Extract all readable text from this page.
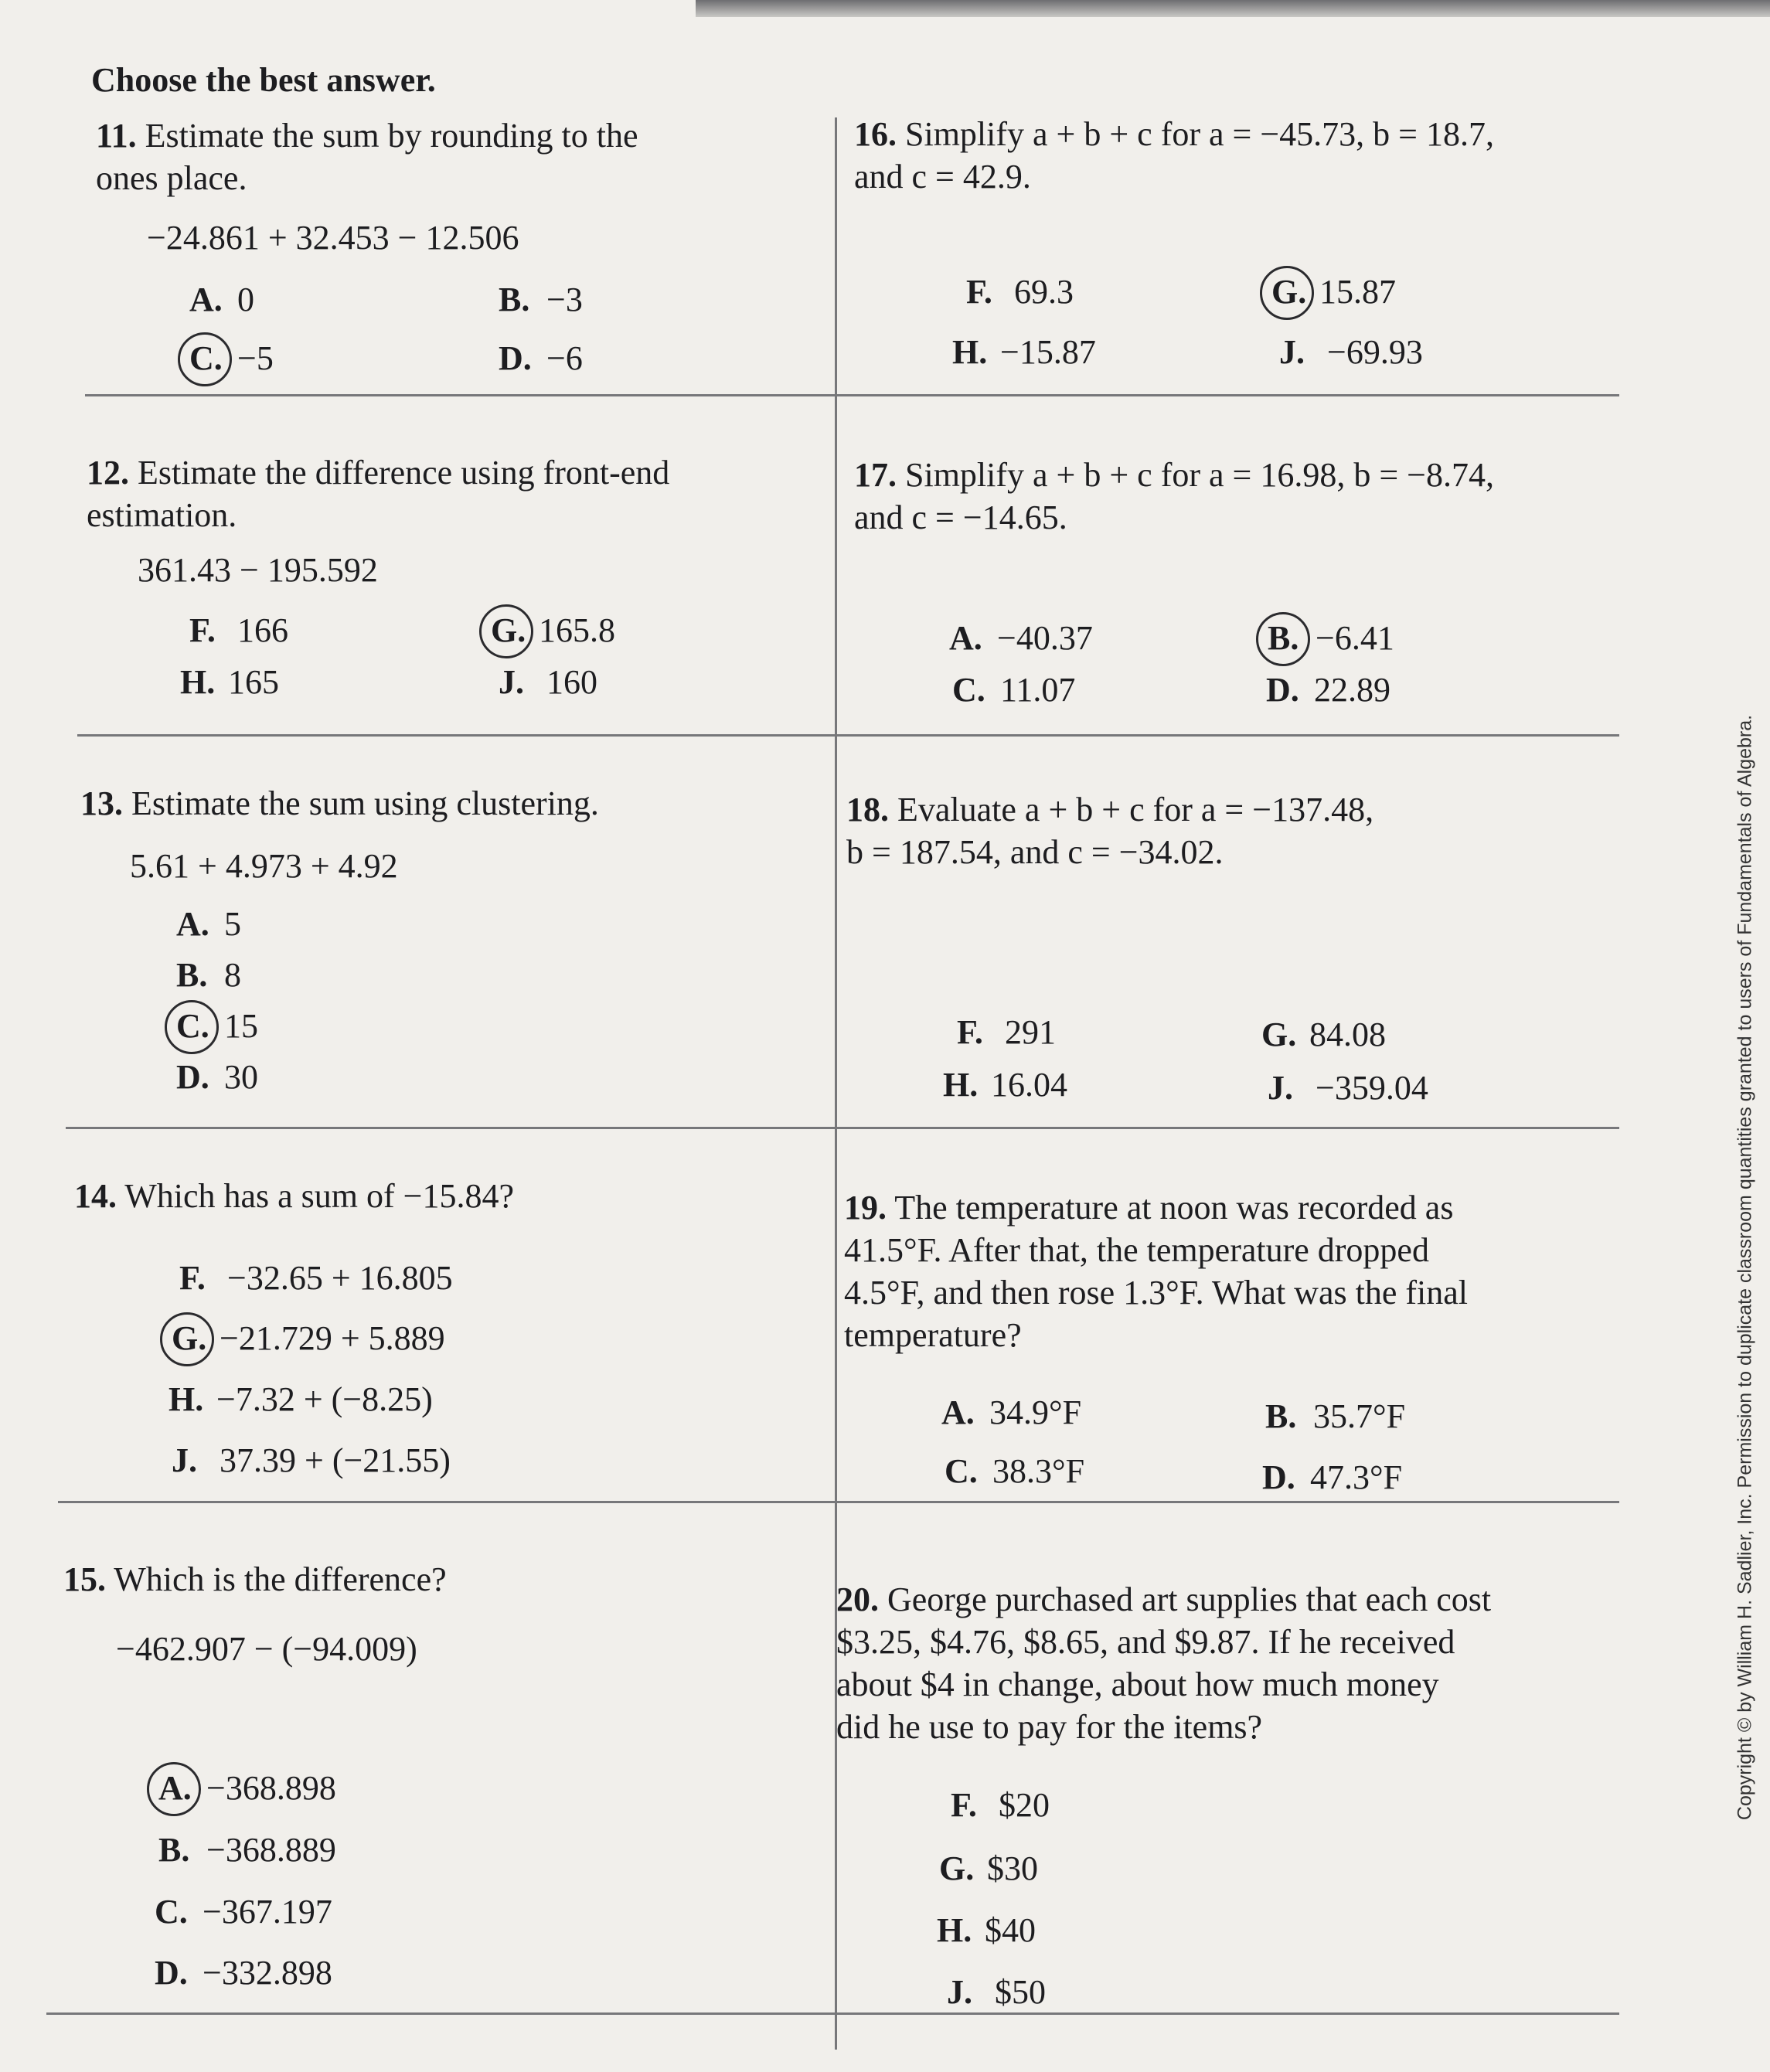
Choose the best answer.
11. Estimate the sum by rounding to the
ones place.
−24.861 + 32.453 − 12.506
A. 0	B. −3
C. −5	D. −6
12. Estimate the difference using front-end
estimation.
361.43 − 195.592
F. 166	G. 165.8
H. 165	J. 160
13. Estimate the sum using clustering.
5.61 + 4.973 + 4.92
A. 5
B. 8
C. 15
D. 30
14. Which has a sum of −15.84?
F. −32.65 + 16.805
G. −21.729 + 5.889
H. −7.32 + (−8.25)
J. 37.39 + (−21.55)
15. Which is the difference?
−462.907 − (−94.009)
A. −368.898
B. −368.889
C. −367.197
D. −332.898
16. Simplify a + b + c for a = −45.73, b = 18.7,
and c = 42.9.
F. 69.3	G. 15.87
H. −15.87	J. −69.93
17. Simplify a + b + c for a = 16.98, b = −8.74,
and c = −14.65.
A. −40.37	B. −6.41
C. 11.07	D. 22.89
18. Evaluate a + b + c for a = −137.48,
b = 187.54, and c = −34.02.
F. 291	G. 84.08
H. 16.04	J. −359.04
19. The temperature at noon was recorded as
41.5°F. After that, the temperature dropped
4.5°F, and then rose 1.3°F. What was the final
temperature?
A. 34.9°F	B. 35.7°F
C. 38.3°F	D. 47.3°F
20. George purchased art supplies that each cost
$3.25, $4.76, $8.65, and $9.87. If he received
about $4 in change, about how much money
did he use to pay for the items?
F. $20
G. $30
H. $40
J. $50
Copyright © by William H. Sadlier, Inc. Permission to duplicate classroom quantities granted to users of Fundamentals of Algebra.
